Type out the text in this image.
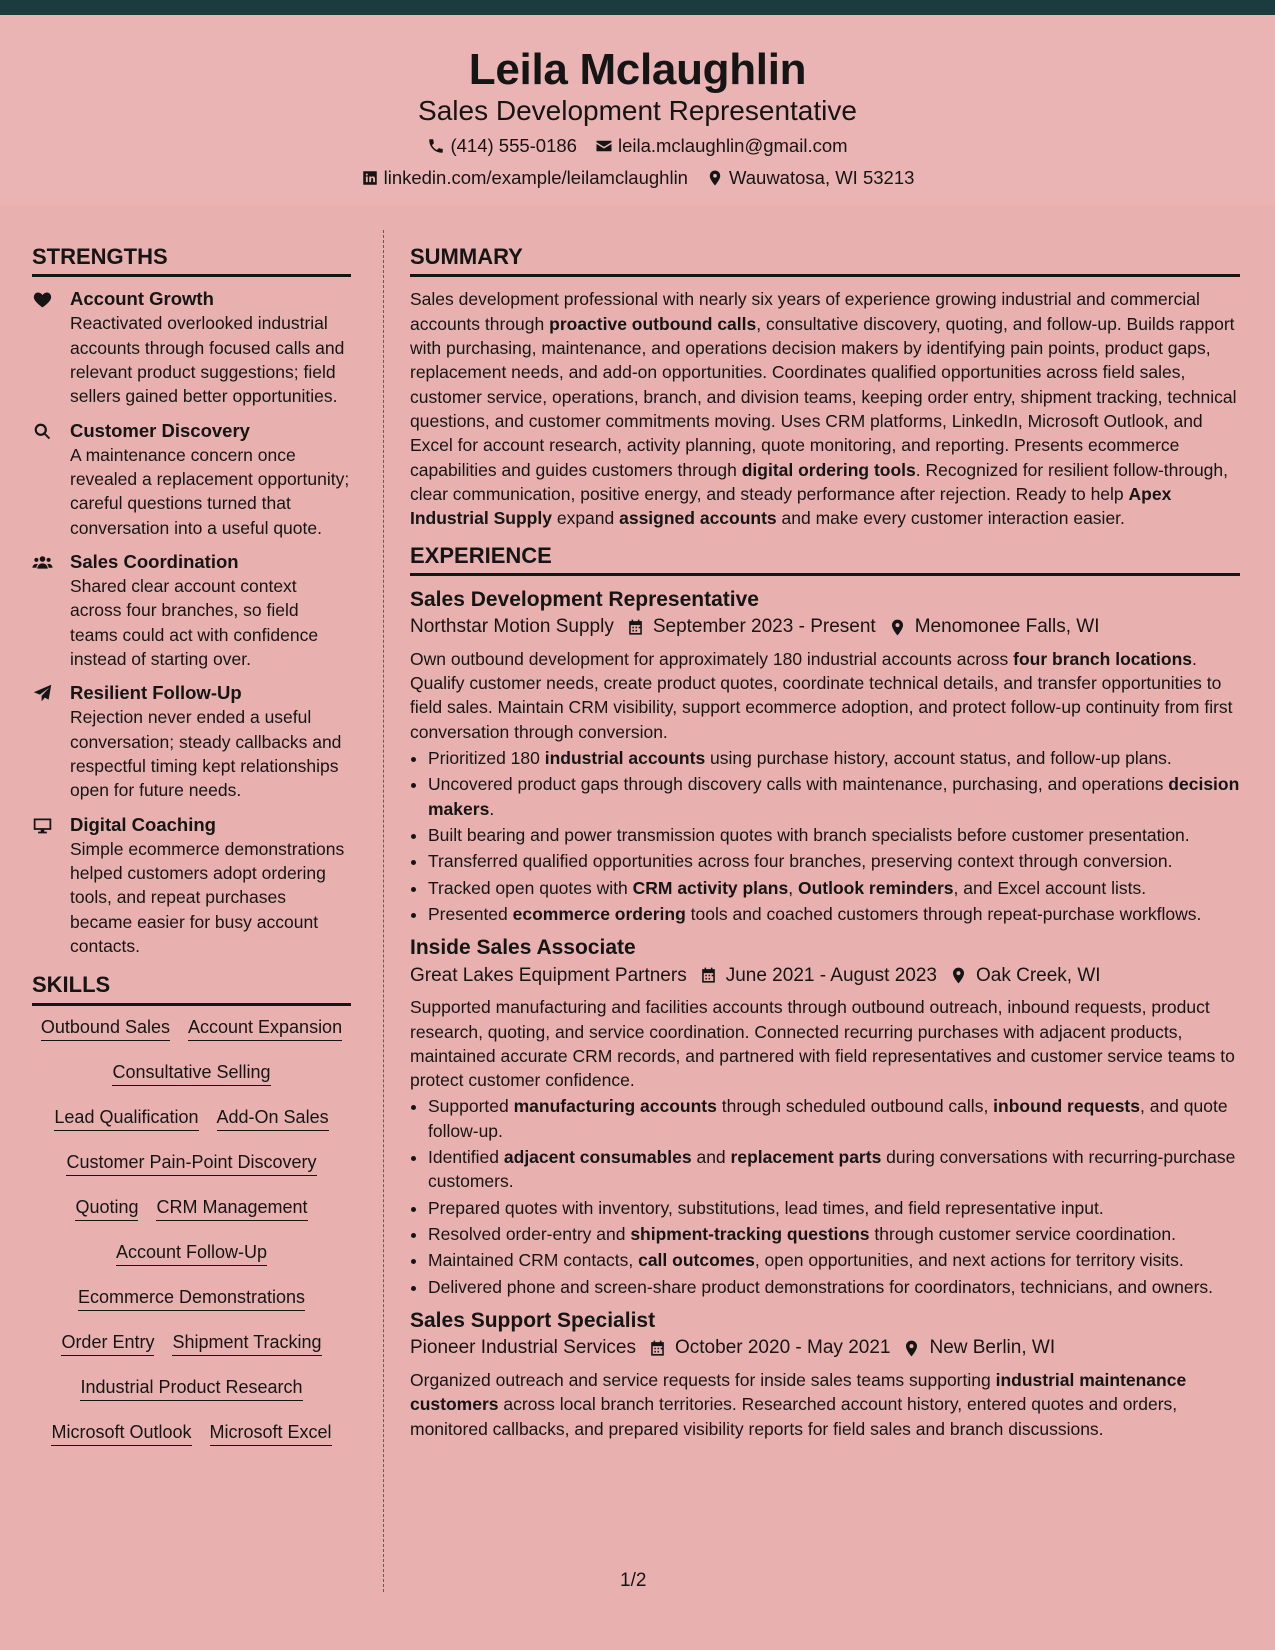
Leila Mclaughlin
Sales Development Representative
(414) 555-0186 leila.mclaughlin@gmail.com
linkedin.com/example/leilamclaughlin Wauwatosa, WI 53213
STRENGTHS
Account Growth
Reactivated overlooked industrial accounts through focused calls and relevant product suggestions; field sellers gained better opportunities.
Customer Discovery
A maintenance concern once revealed a replacement opportunity; careful questions turned that conversation into a useful quote.
Sales Coordination
Shared clear account context across four branches, so field teams could act with confidence instead of starting over.
Resilient Follow-Up
Rejection never ended a useful conversation; steady callbacks and respectful timing kept relationships open for future needs.
Digital Coaching
Simple ecommerce demonstrations helped customers adopt ordering tools, and repeat purchases became easier for busy account contacts.
SKILLS
Outbound Sales Account Expansion
Consultative Selling
Lead Qualification Add-On Sales
Customer Pain-Point Discovery
Quoting CRM Management
Account Follow-Up
Ecommerce Demonstrations
Order Entry Shipment Tracking
Industrial Product Research
Microsoft Outlook Microsoft Excel
SUMMARY
Sales development professional with nearly six years of experience growing industrial and commercial accounts through proactive outbound calls, consultative discovery, quoting, and follow-up. Builds rapport with purchasing, maintenance, and operations decision makers by identifying pain points, product gaps, replacement needs, and add-on opportunities. Coordinates qualified opportunities across field sales, customer service, operations, branch, and division teams, keeping order entry, shipment tracking, technical questions, and customer commitments moving. Uses CRM platforms, LinkedIn, Microsoft Outlook, and Excel for account research, activity planning, quote monitoring, and reporting. Presents ecommerce capabilities and guides customers through digital ordering tools. Recognized for resilient follow-through, clear communication, positive energy, and steady performance after rejection. Ready to help Apex Industrial Supply expand assigned accounts and make every customer interaction easier.
EXPERIENCE
Sales Development Representative
Northstar Motion Supply September 2023 - Present Menomonee Falls, WI
Own outbound development for approximately 180 industrial accounts across four branch locations. Qualify customer needs, create product quotes, coordinate technical details, and transfer opportunities to field sales. Maintain CRM visibility, support ecommerce adoption, and protect follow-up continuity from first conversation through conversion.
• Prioritized 180 industrial accounts using purchase history, account status, and follow-up plans.
• Uncovered product gaps through discovery calls with maintenance, purchasing, and operations decision makers.
• Built bearing and power transmission quotes with branch specialists before customer presentation.
• Transferred qualified opportunities across four branches, preserving context through conversion.
• Tracked open quotes with CRM activity plans, Outlook reminders, and Excel account lists.
• Presented ecommerce ordering tools and coached customers through repeat-purchase workflows.
Inside Sales Associate
Great Lakes Equipment Partners June 2021 - August 2023 Oak Creek, WI
Supported manufacturing and facilities accounts through outbound outreach, inbound requests, product research, quoting, and service coordination. Connected recurring purchases with adjacent products, maintained accurate CRM records, and partnered with field representatives and customer service teams to protect customer confidence.
• Supported manufacturing accounts through scheduled outbound calls, inbound requests, and quote follow-up.
• Identified adjacent consumables and replacement parts during conversations with recurring-purchase customers.
• Prepared quotes with inventory, substitutions, lead times, and field representative input.
• Resolved order-entry and shipment-tracking questions through customer service coordination.
• Maintained CRM contacts, call outcomes, open opportunities, and next actions for territory visits.
• Delivered phone and screen-share product demonstrations for coordinators, technicians, and owners.
Sales Support Specialist
Pioneer Industrial Services October 2020 - May 2021 New Berlin, WI
Organized outreach and service requests for inside sales teams supporting industrial maintenance customers across local branch territories. Researched account history, entered quotes and orders, monitored callbacks, and prepared visibility reports for field sales and branch discussions.
1/2
